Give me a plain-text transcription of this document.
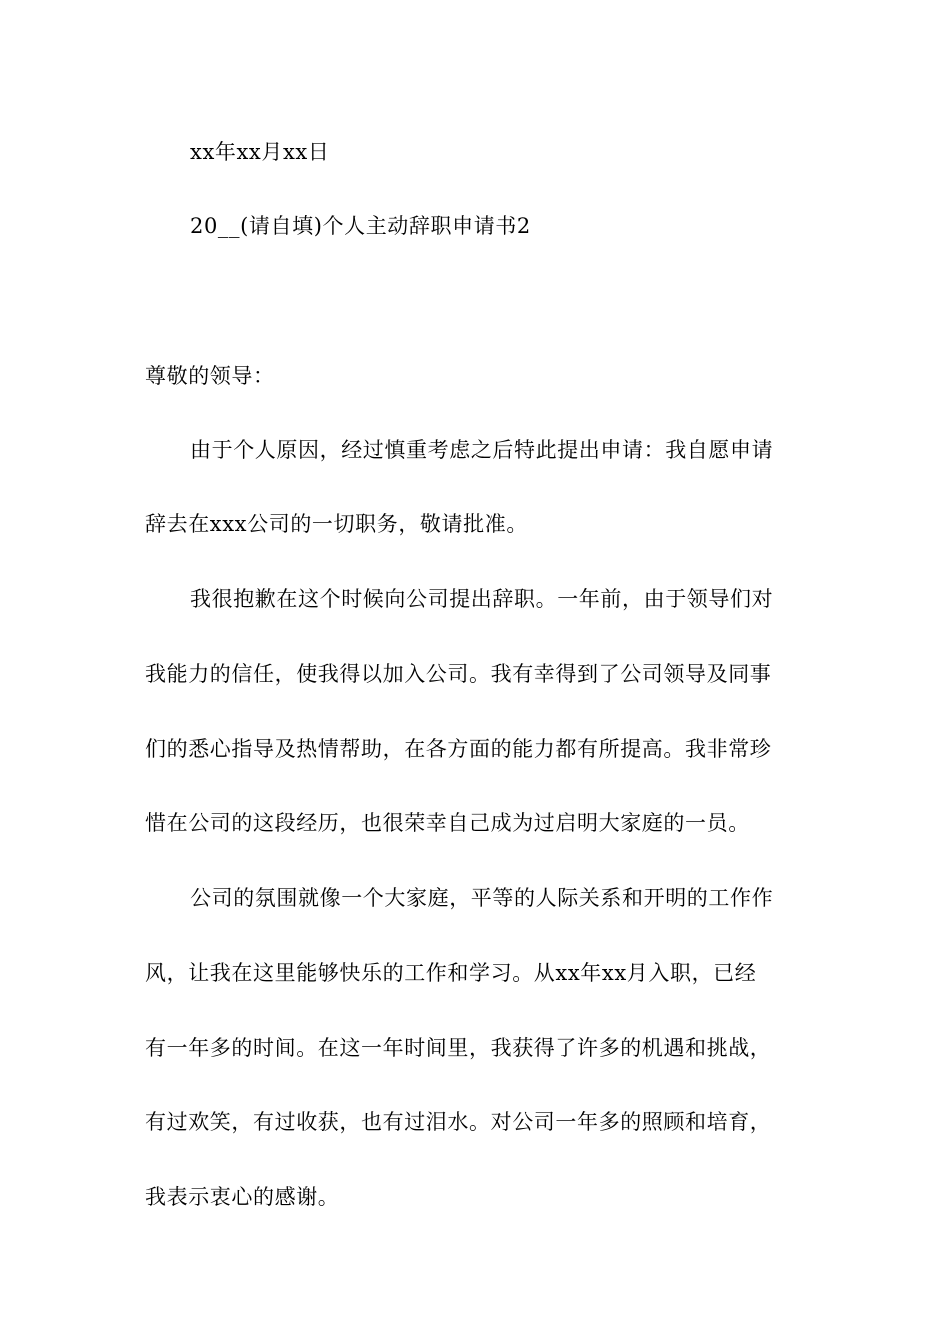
xx年xx月xx日
20__(请自填)个人主动辞职申请书2
尊敬的领导：
由于个人原因，经过慎重考虑之后特此提出申请：我自愿申请
辞去在xxx公司的一切职务，敬请批准。
我很抱歉在这个时候向公司提出辞职。一年前，由于领导们对
我能力的信任，使我得以加入公司。我有幸得到了公司领导及同事
们的悉心指导及热情帮助，在各方面的能力都有所提高。我非常珍
惜在公司的这段经历，也很荣幸自己成为过启明大家庭的一员。
公司的氛围就像一个大家庭，平等的人际关系和开明的工作作
风，让我在这里能够快乐的工作和学习。从xx年xx月入职，已经
有一年多的时间。在这一年时间里，我获得了许多的机遇和挑战，
有过欢笑，有过收获，也有过泪水。对公司一年多的照顾和培育，
我表示衷心的感谢。
